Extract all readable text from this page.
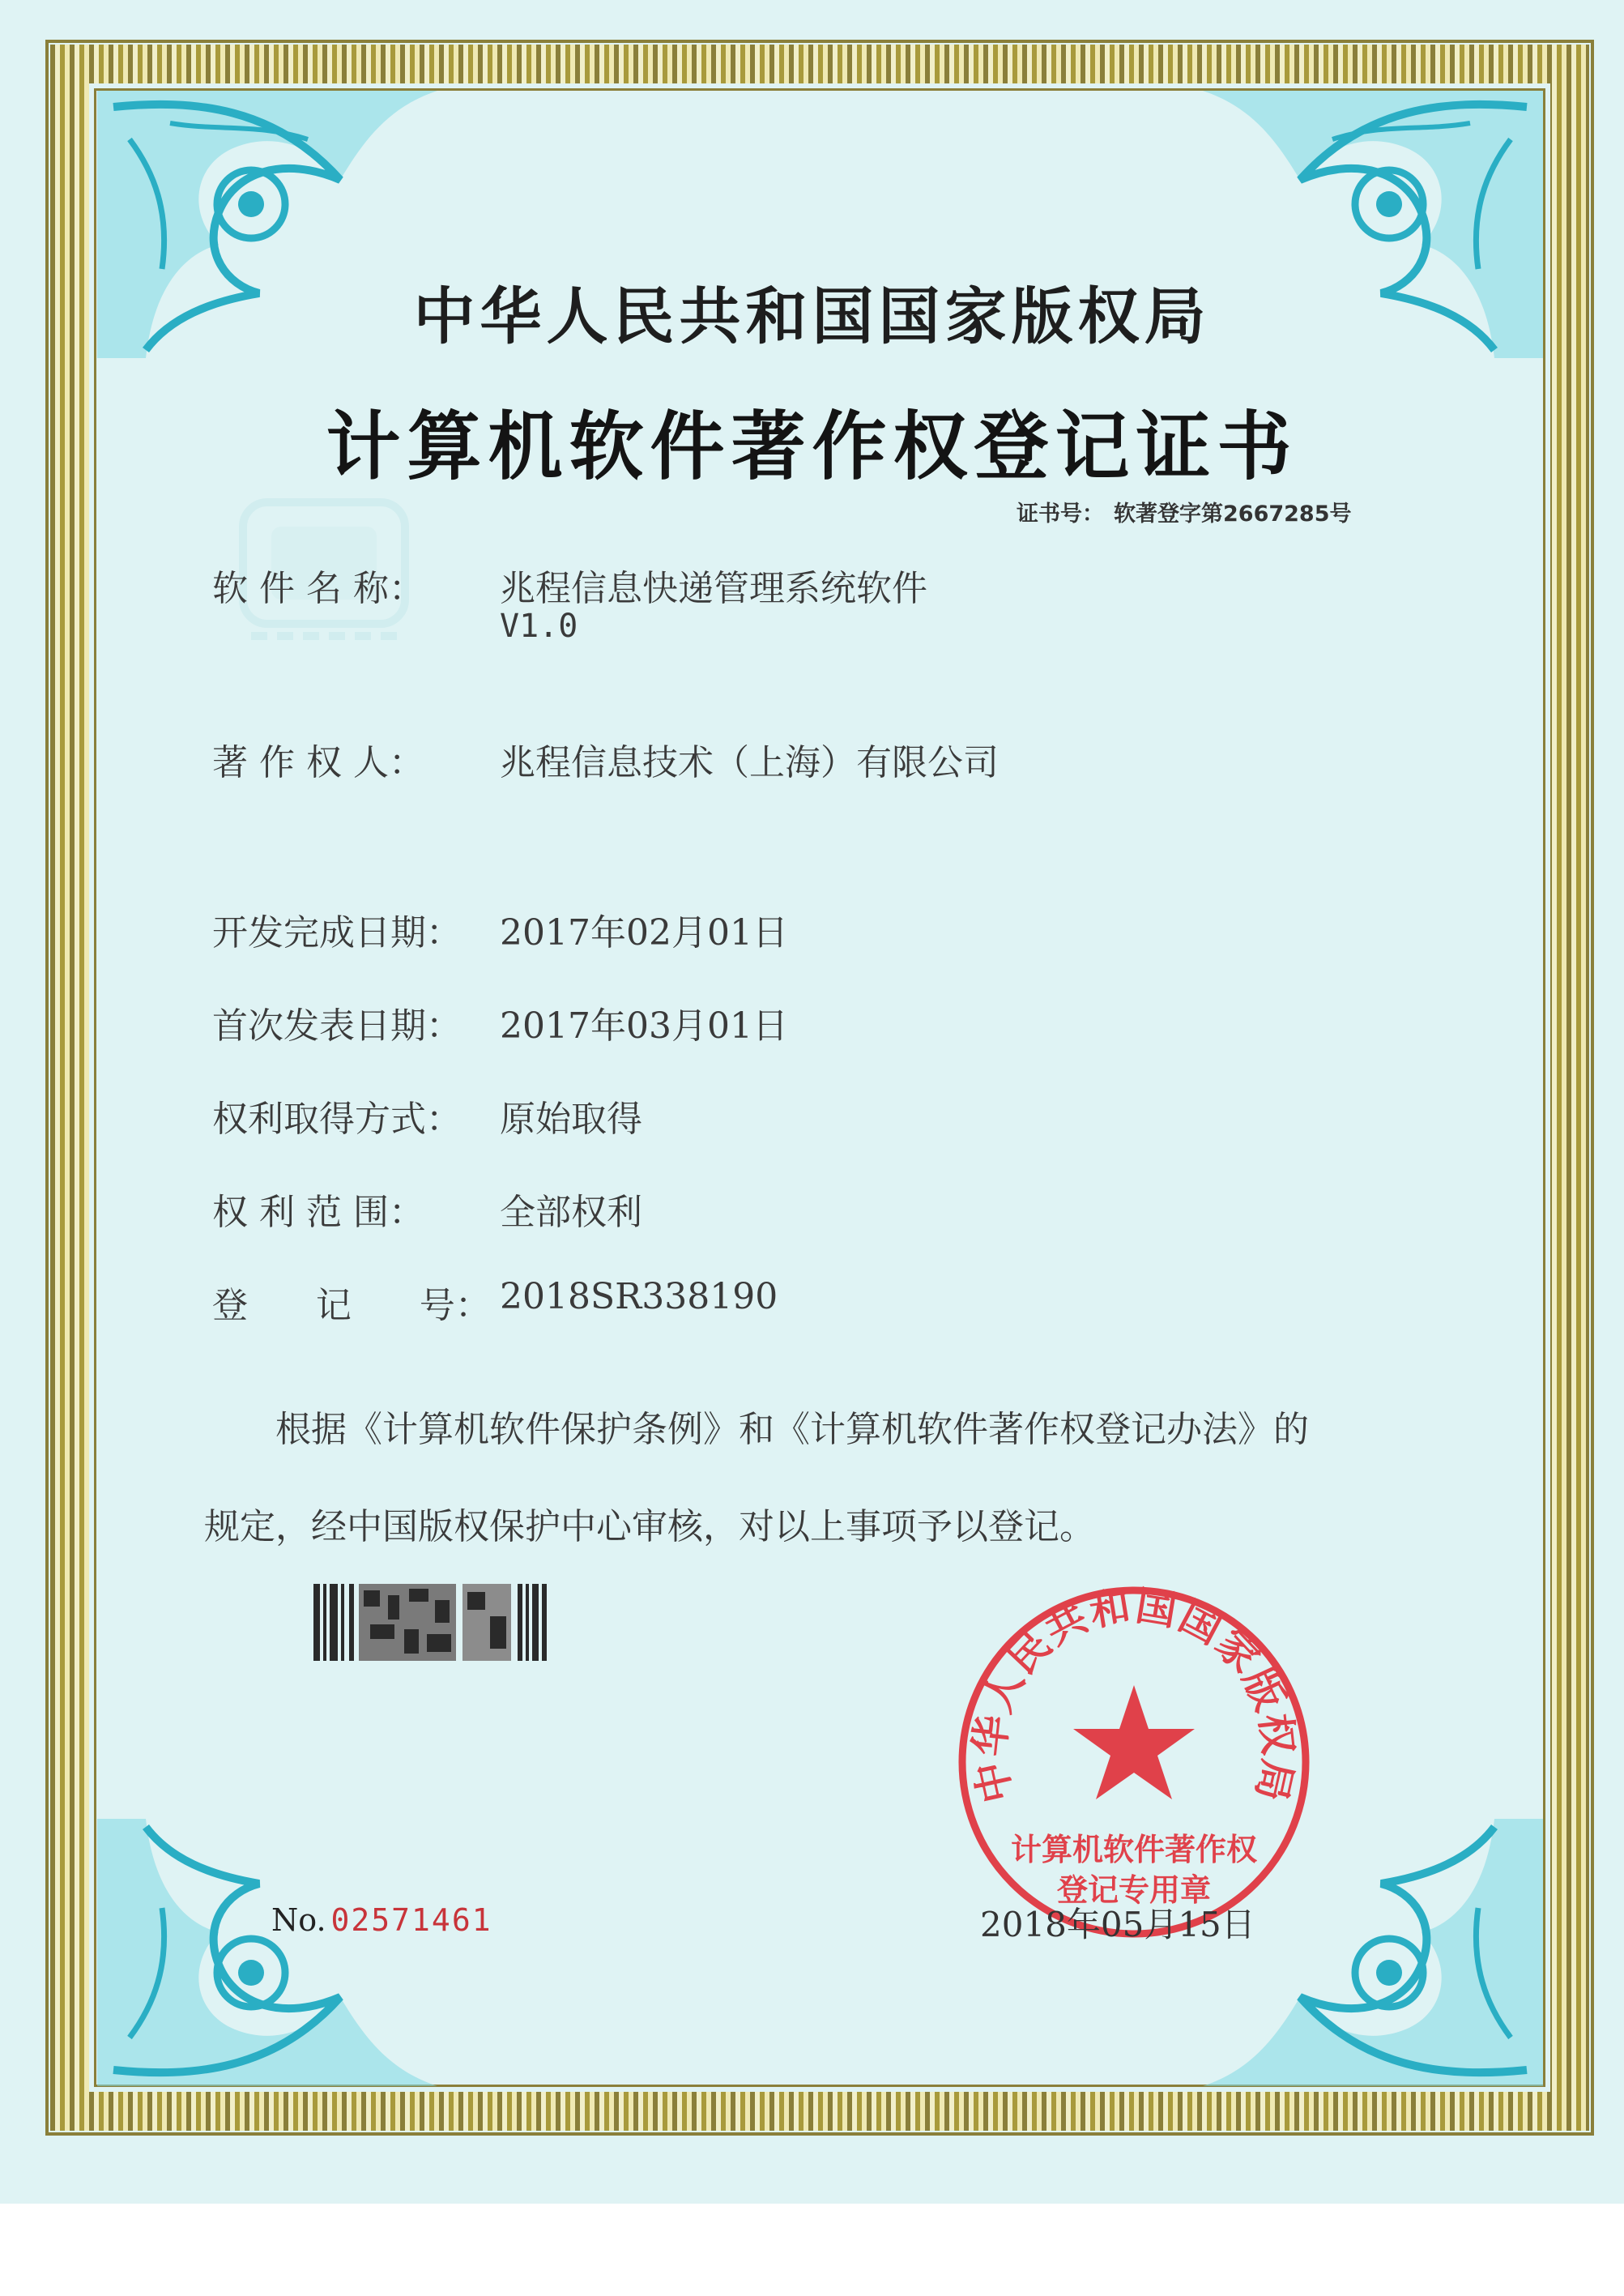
中华人民共和国国家版权局
计算机软件著作权登记证书
证书号： 软著登字第2667285号
软 件 名 称： 兆程信息快递管理系统软件
V1.0
著 作 权 人： 兆程信息技术（上海）有限公司
开发完成日期： 2017年02月01日
首次发表日期： 2017年03月01日
权利取得方式： 原始取得
权 利 范 围： 全部权利
登      记      号： 2018SR338190
根据《计算机软件保护条例》和《计算机软件著作权登记办法》的
规定，经中国版权保护中心审核，对以上事项予以登记。
中华人民共和国国家版权局
计算机软件著作权
登记专用章
No. 02571461	2018年05月15日
